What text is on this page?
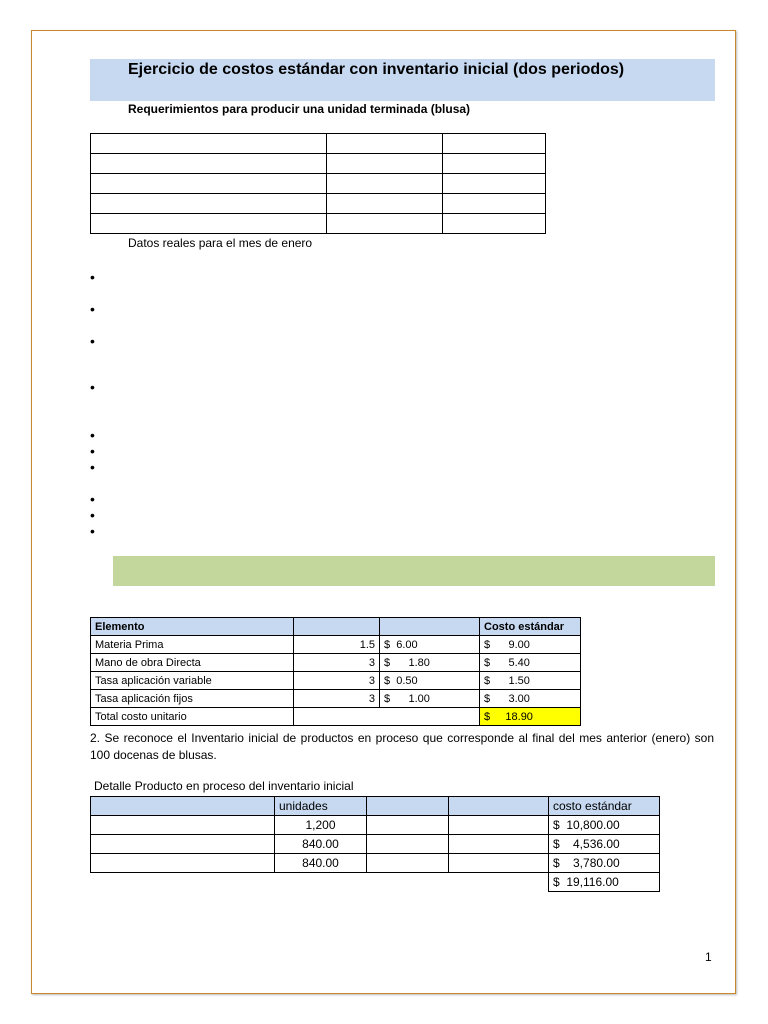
Ejercicio de costos estándar con inventario inicial (dos periodos)
Requerimientos para producir una unidad terminada (blusa)

Datos reales para el mes de enero
•
•
•
•
•
•
•
•
•
•
Elemento			Costo estándar
Materia Prima	1.5	$  6.00	$      9.00
Mano de obra Directa	3	$      1.80	$      5.40
Tasa aplicación variable	3	$  0.50	$      1.50
Tasa aplicación fijos	3	$      1.00	$      3.00
Total costo unitario			$     18.90
2. Se reconoce el Inventario inicial de productos en proceso que corresponde al final del mes anterior (enero) son 100 docenas de blusas.
Detalle Producto en proceso del inventario inicial
	unidades			costo estándar
	1,200			$  10,800.00
	840.00			$    4,536.00
	840.00			$    3,780.00
				$  19,116.00
1
